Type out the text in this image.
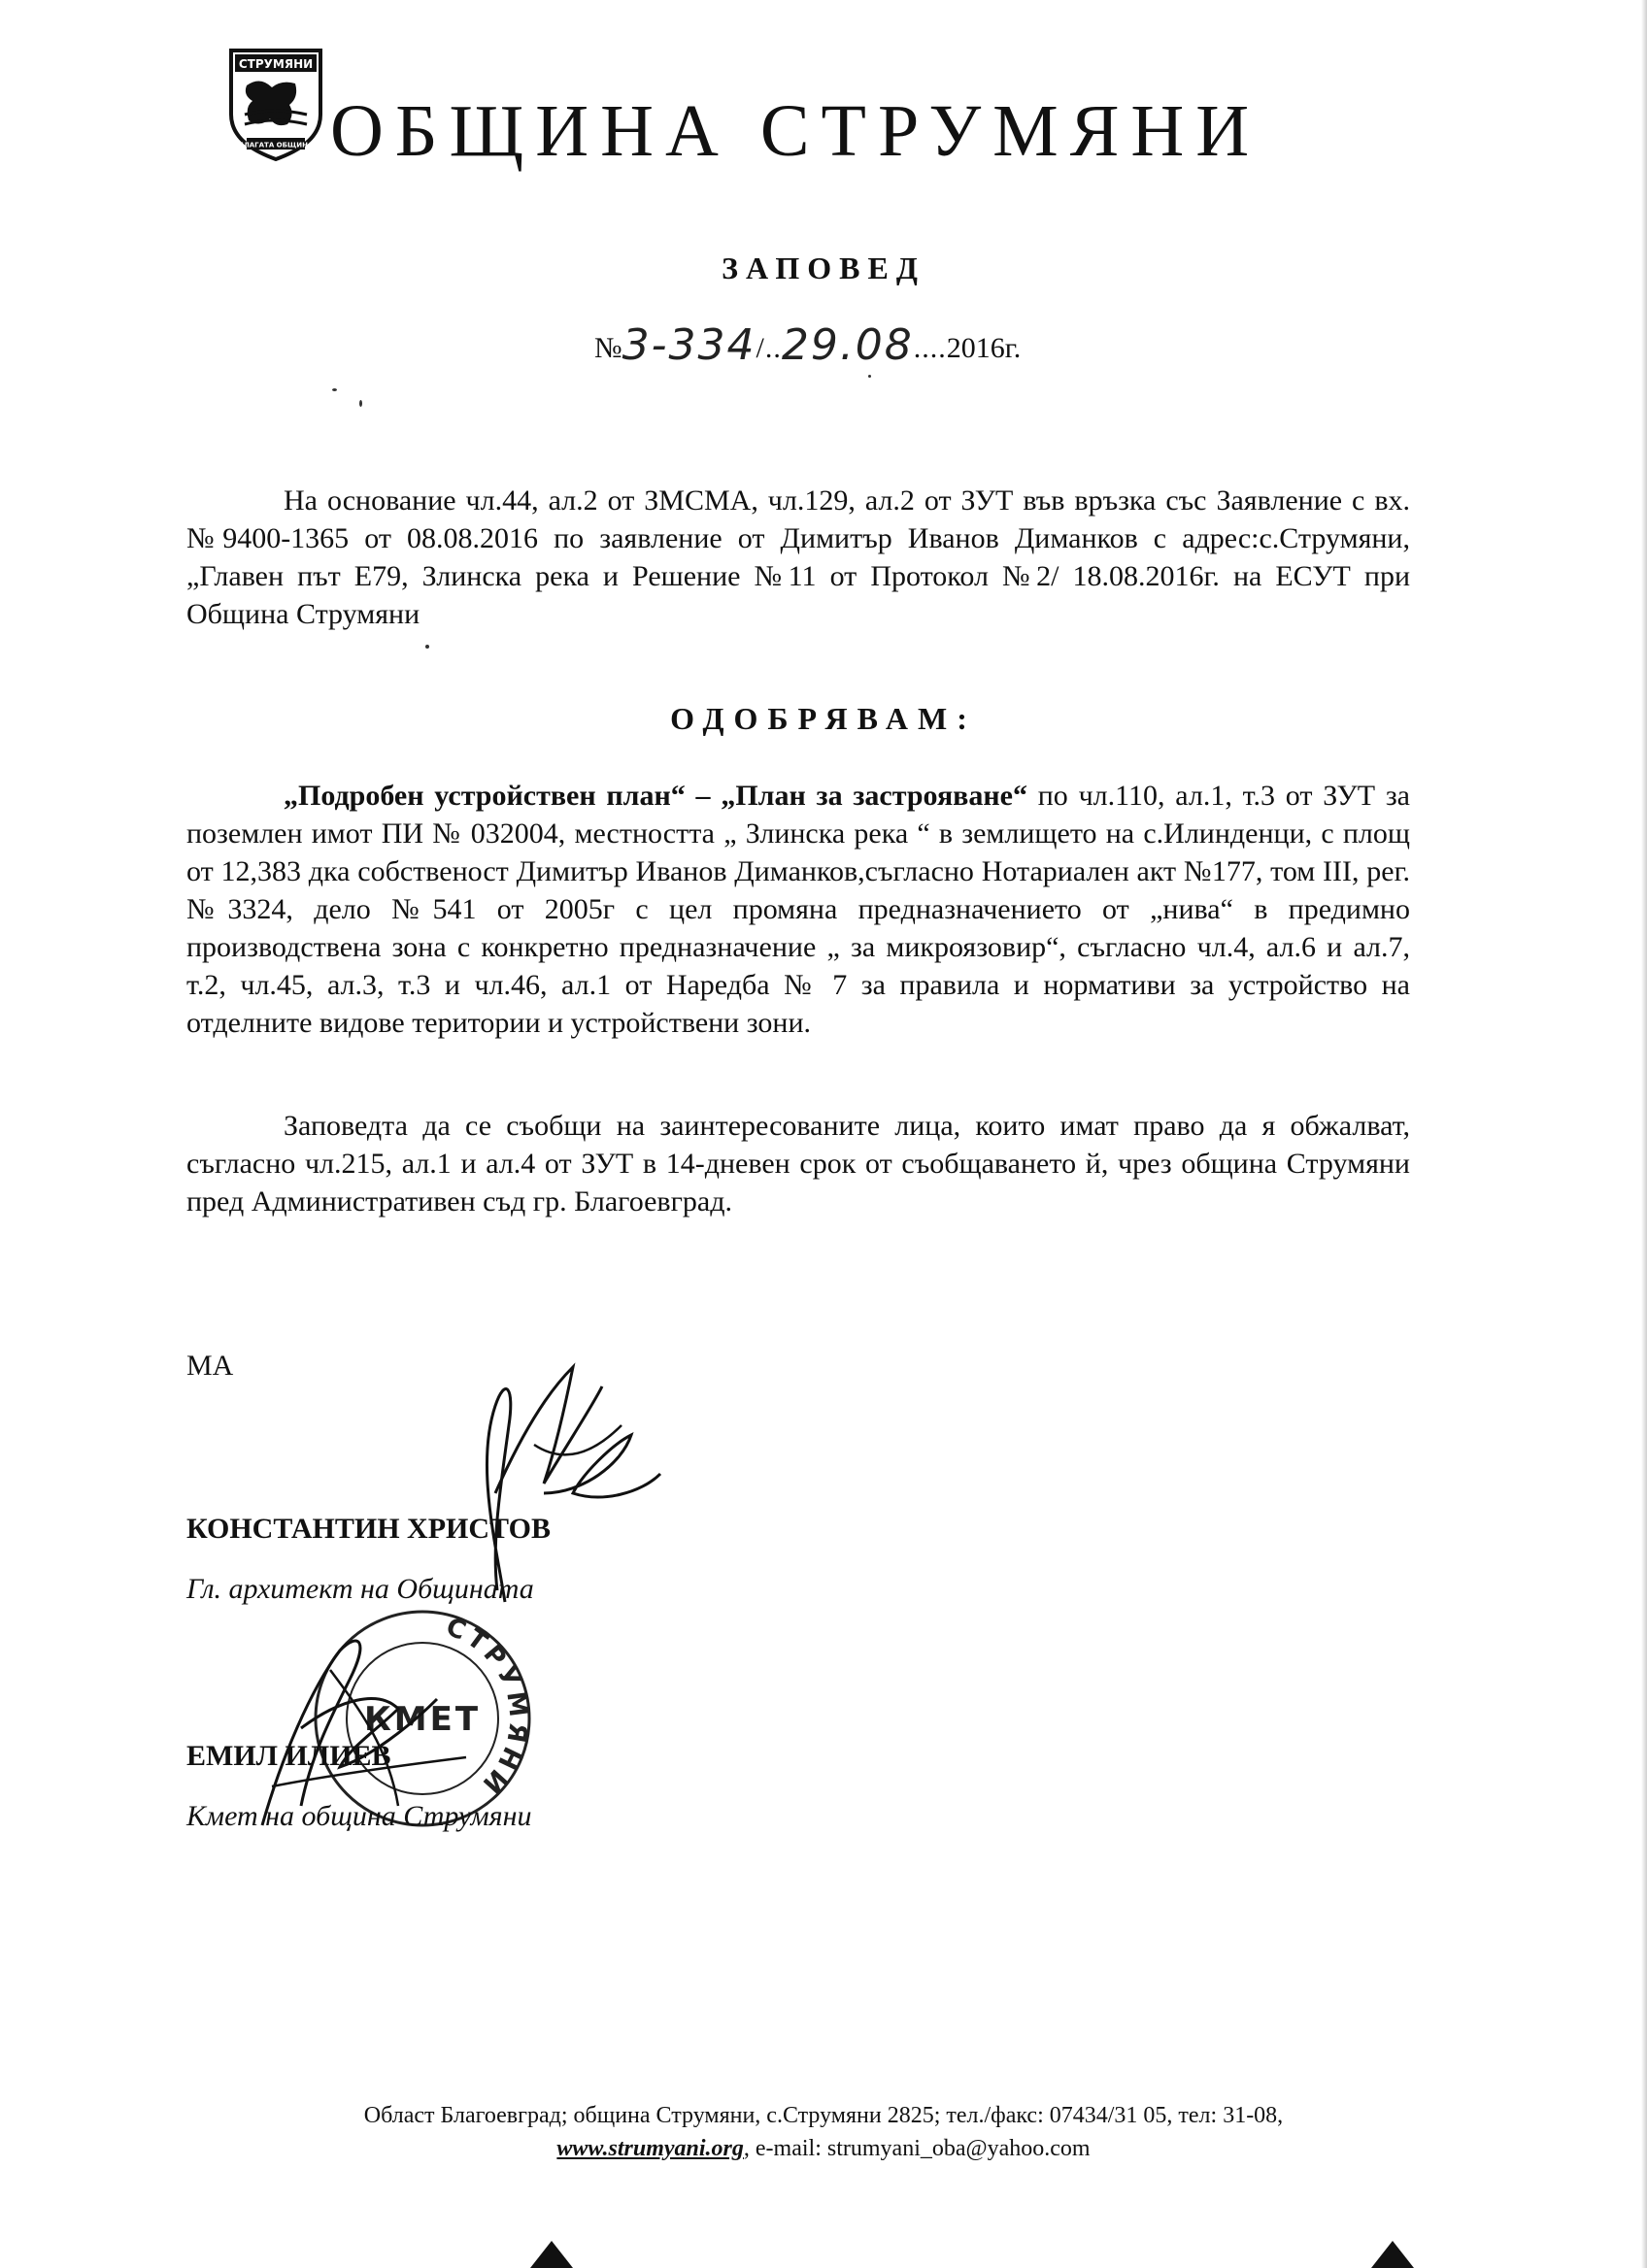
СТРУМЯНИ
БЛАГАТА ОБЩИНА ОБЩИНА СТРУМЯНИ
ЗАПОВЕД
№3-334/..29.08....2016г.
На основание чл.44, ал.2 от ЗМСМА, чл.129, ал.2 от ЗУТ във връзка със Заявление с вх. №9400-1365 от 08.08.2016 по заявление от Димитър Иванов Диманков с адрес:с.Струмяни, „Главен път Е79, Злинска река и Решение №11 от Протокол №2/ 18.08.2016г. на ЕСУТ при Община Струмяни
ОДОБРЯВАМ:
„Подробен устройствен план“ – „План за застрояване“ по чл.110, ал.1, т.3 от ЗУТ за поземлен имот ПИ № 032004, местността „ Злинска река “ в землището на с.Илинденци, с площ от 12,383 дка собственост Димитър Иванов Диманков,съгласно Нотариален акт №177, том III, рег. №3324, дело №541 от 2005г с цел промяна предназначението от „нива“ в предимно производствена зона с конкретно предназначение „ за микроязовир“, съгласно чл.4, ал.6 и ал.7, т.2, чл.45, ал.3, т.3 и чл.46, ал.1 от Наредба № 7 за правила и нормативи за устройство на отделните видове територии и устройствени зони.
Заповедта да се съобщи на заинтересованите лица, които имат право да я обжалват, съгласно чл.215, ал.1 и ал.4 от ЗУТ в 14-дневен срок от съобщаването й, чрез община Струмяни пред Административен съд гр. Благоевград.
МА
КОНСТАНТИН ХРИСТОВ
Гл. архитект на Общината
СТРУМЯНИ
КМЕТ
ЕМИЛ ИЛИЕВ
Кмет на община Струмяни
Област Благоевград; община Струмяни, с.Струмяни 2825; тел./факс: 07434/31 05, тел: 31-08,
www.strumyani.org, e-mail: strumyani_oba@yahoo.com
